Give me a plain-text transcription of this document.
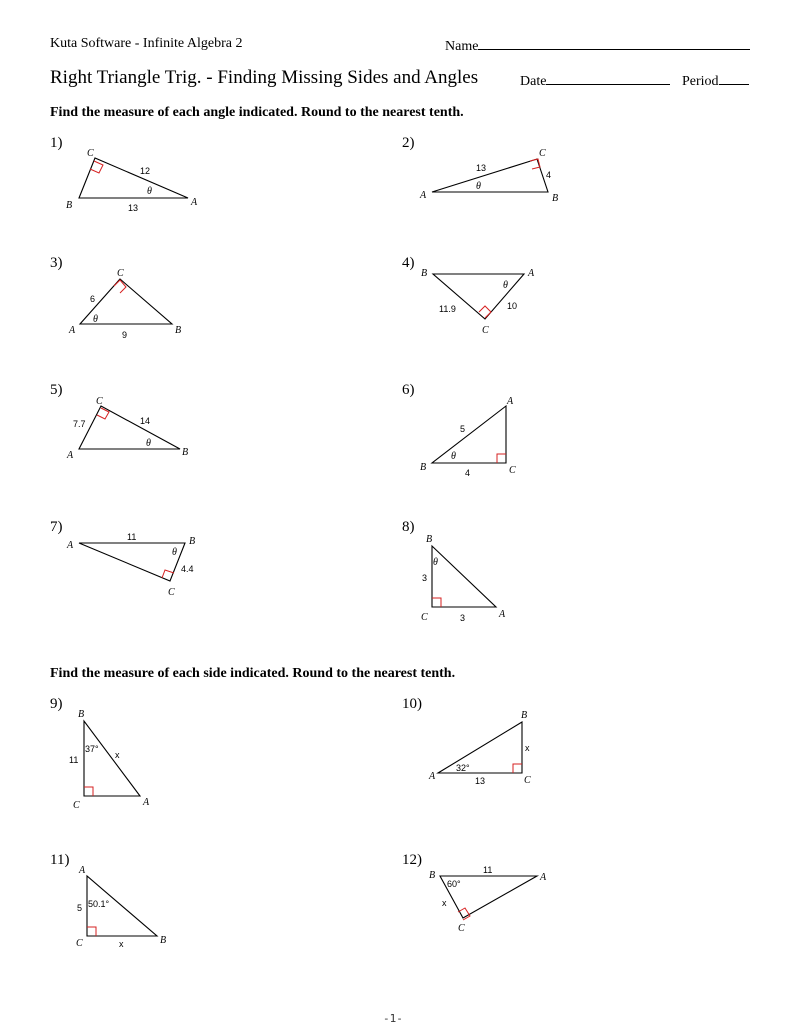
Kuta Software - Infinite Algebra 2	Name
Right Triangle Trig. - Finding Missing Sides and Angles	Date	Period
Find the measure of each angle indicated. Round to the nearest tenth.
Find the measure of each side indicated. Round to the nearest tenth.
1)	2)
3)	4)
5)	6)
7)	8)
9)	10)
11)	12)
C
B	A
12
13
θ
C
A	B
13
4
θ
C
A	B
6
9
θ
B	A
C
11.9	10
θ
C
A	B
7.7	14
θ
A
B	C
5
4
θ
A	B
C
11
4.4
θ
B
C	A
3
3
θ
B
C	A
11
37°
x
B
A	C
32°
13
x
A
C	B
5 50.1°
x
B	A
C
11
60°
x
-1-
